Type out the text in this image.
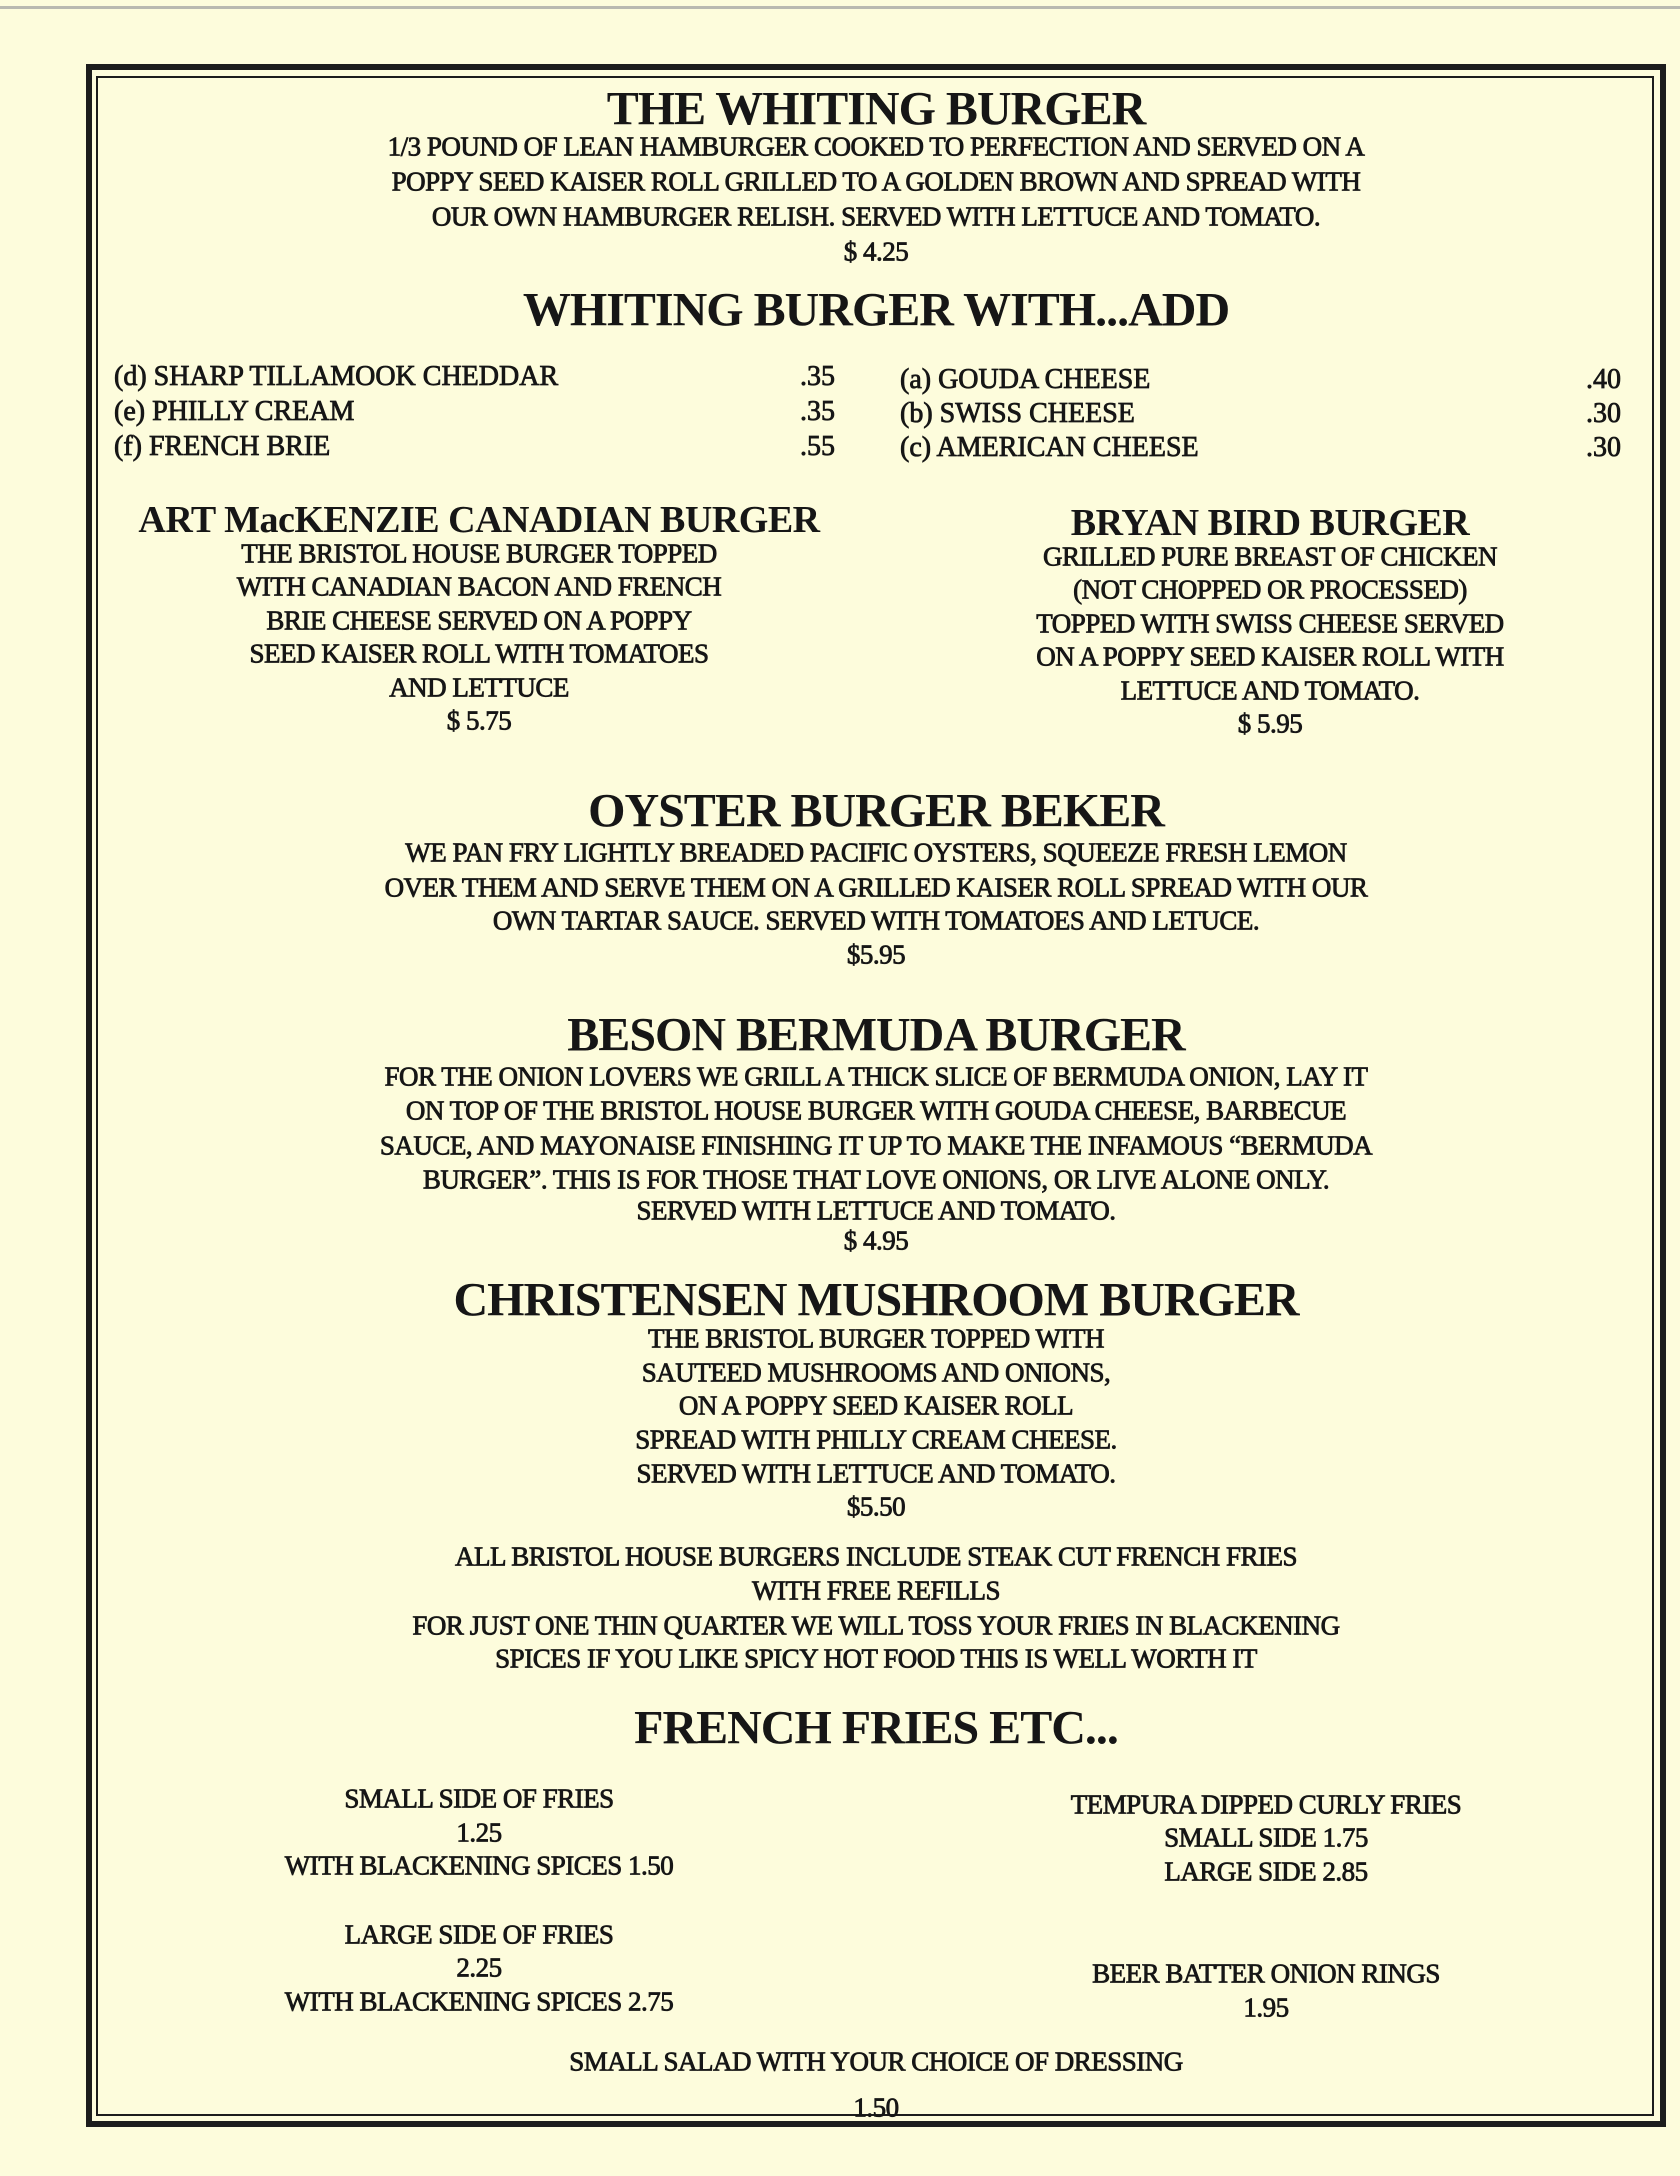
THE WHITING BURGER
1/3 POUND OF LEAN HAMBURGER COOKED TO PERFECTION AND SERVED ON A
POPPY SEED KAISER ROLL GRILLED TO A GOLDEN BROWN AND SPREAD WITH
OUR OWN HAMBURGER RELISH. SERVED WITH LETTUCE AND TOMATO.
$ 4.25
WHITING BURGER WITH...ADD
(d) SHARP TILLAMOOK CHEDDAR	.35
(e) PHILLY CREAM	.35
(f) FRENCH BRIE	.55
(a) GOUDA CHEESE	.40
(b) SWISS CHEESE	.30
(c) AMERICAN CHEESE	.30
ART MacKENZIE CANADIAN BURGER
THE BRISTOL HOUSE BURGER TOPPED
WITH CANADIAN BACON AND FRENCH
BRIE CHEESE SERVED ON A POPPY
SEED KAISER ROLL WITH TOMATOES
AND LETTUCE
$ 5.75
BRYAN BIRD BURGER
GRILLED PURE BREAST OF CHICKEN
(NOT CHOPPED OR PROCESSED)
TOPPED WITH SWISS CHEESE SERVED
ON A POPPY SEED KAISER ROLL WITH
LETTUCE AND TOMATO.
$ 5.95
OYSTER BURGER BEKER
WE PAN FRY LIGHTLY BREADED PACIFIC OYSTERS, SQUEEZE FRESH LEMON
OVER THEM AND SERVE THEM ON A GRILLED KAISER ROLL SPREAD WITH OUR
OWN TARTAR SAUCE. SERVED WITH TOMATOES AND LETUCE.
$5.95
BESON BERMUDA BURGER
FOR THE ONION LOVERS WE GRILL A THICK SLICE OF BERMUDA ONION, LAY IT
ON TOP OF THE BRISTOL HOUSE BURGER WITH GOUDA CHEESE, BARBECUE
SAUCE, AND MAYONAISE FINISHING IT UP TO MAKE THE INFAMOUS “BERMUDA
BURGER”. THIS IS FOR THOSE THAT LOVE ONIONS, OR LIVE ALONE ONLY.
SERVED WITH LETTUCE AND TOMATO.
$ 4.95
CHRISTENSEN MUSHROOM BURGER
THE BRISTOL BURGER TOPPED WITH
SAUTEED MUSHROOMS AND ONIONS,
ON A POPPY SEED KAISER ROLL
SPREAD WITH PHILLY CREAM CHEESE.
SERVED WITH LETTUCE AND TOMATO.
$5.50
ALL BRISTOL HOUSE BURGERS INCLUDE STEAK CUT FRENCH FRIES
WITH FREE REFILLS
FOR JUST ONE THIN QUARTER WE WILL TOSS YOUR FRIES IN BLACKENING
SPICES IF YOU LIKE SPICY HOT FOOD THIS IS WELL WORTH IT
FRENCH FRIES ETC...
SMALL SIDE OF FRIES
1.25
WITH BLACKENING SPICES 1.50
LARGE SIDE OF FRIES
2.25
WITH BLACKENING SPICES 2.75
TEMPURA DIPPED CURLY FRIES
SMALL SIDE 1.75
LARGE SIDE 2.85
BEER BATTER ONION RINGS
1.95
SMALL SALAD WITH YOUR CHOICE OF DRESSING
1.50
